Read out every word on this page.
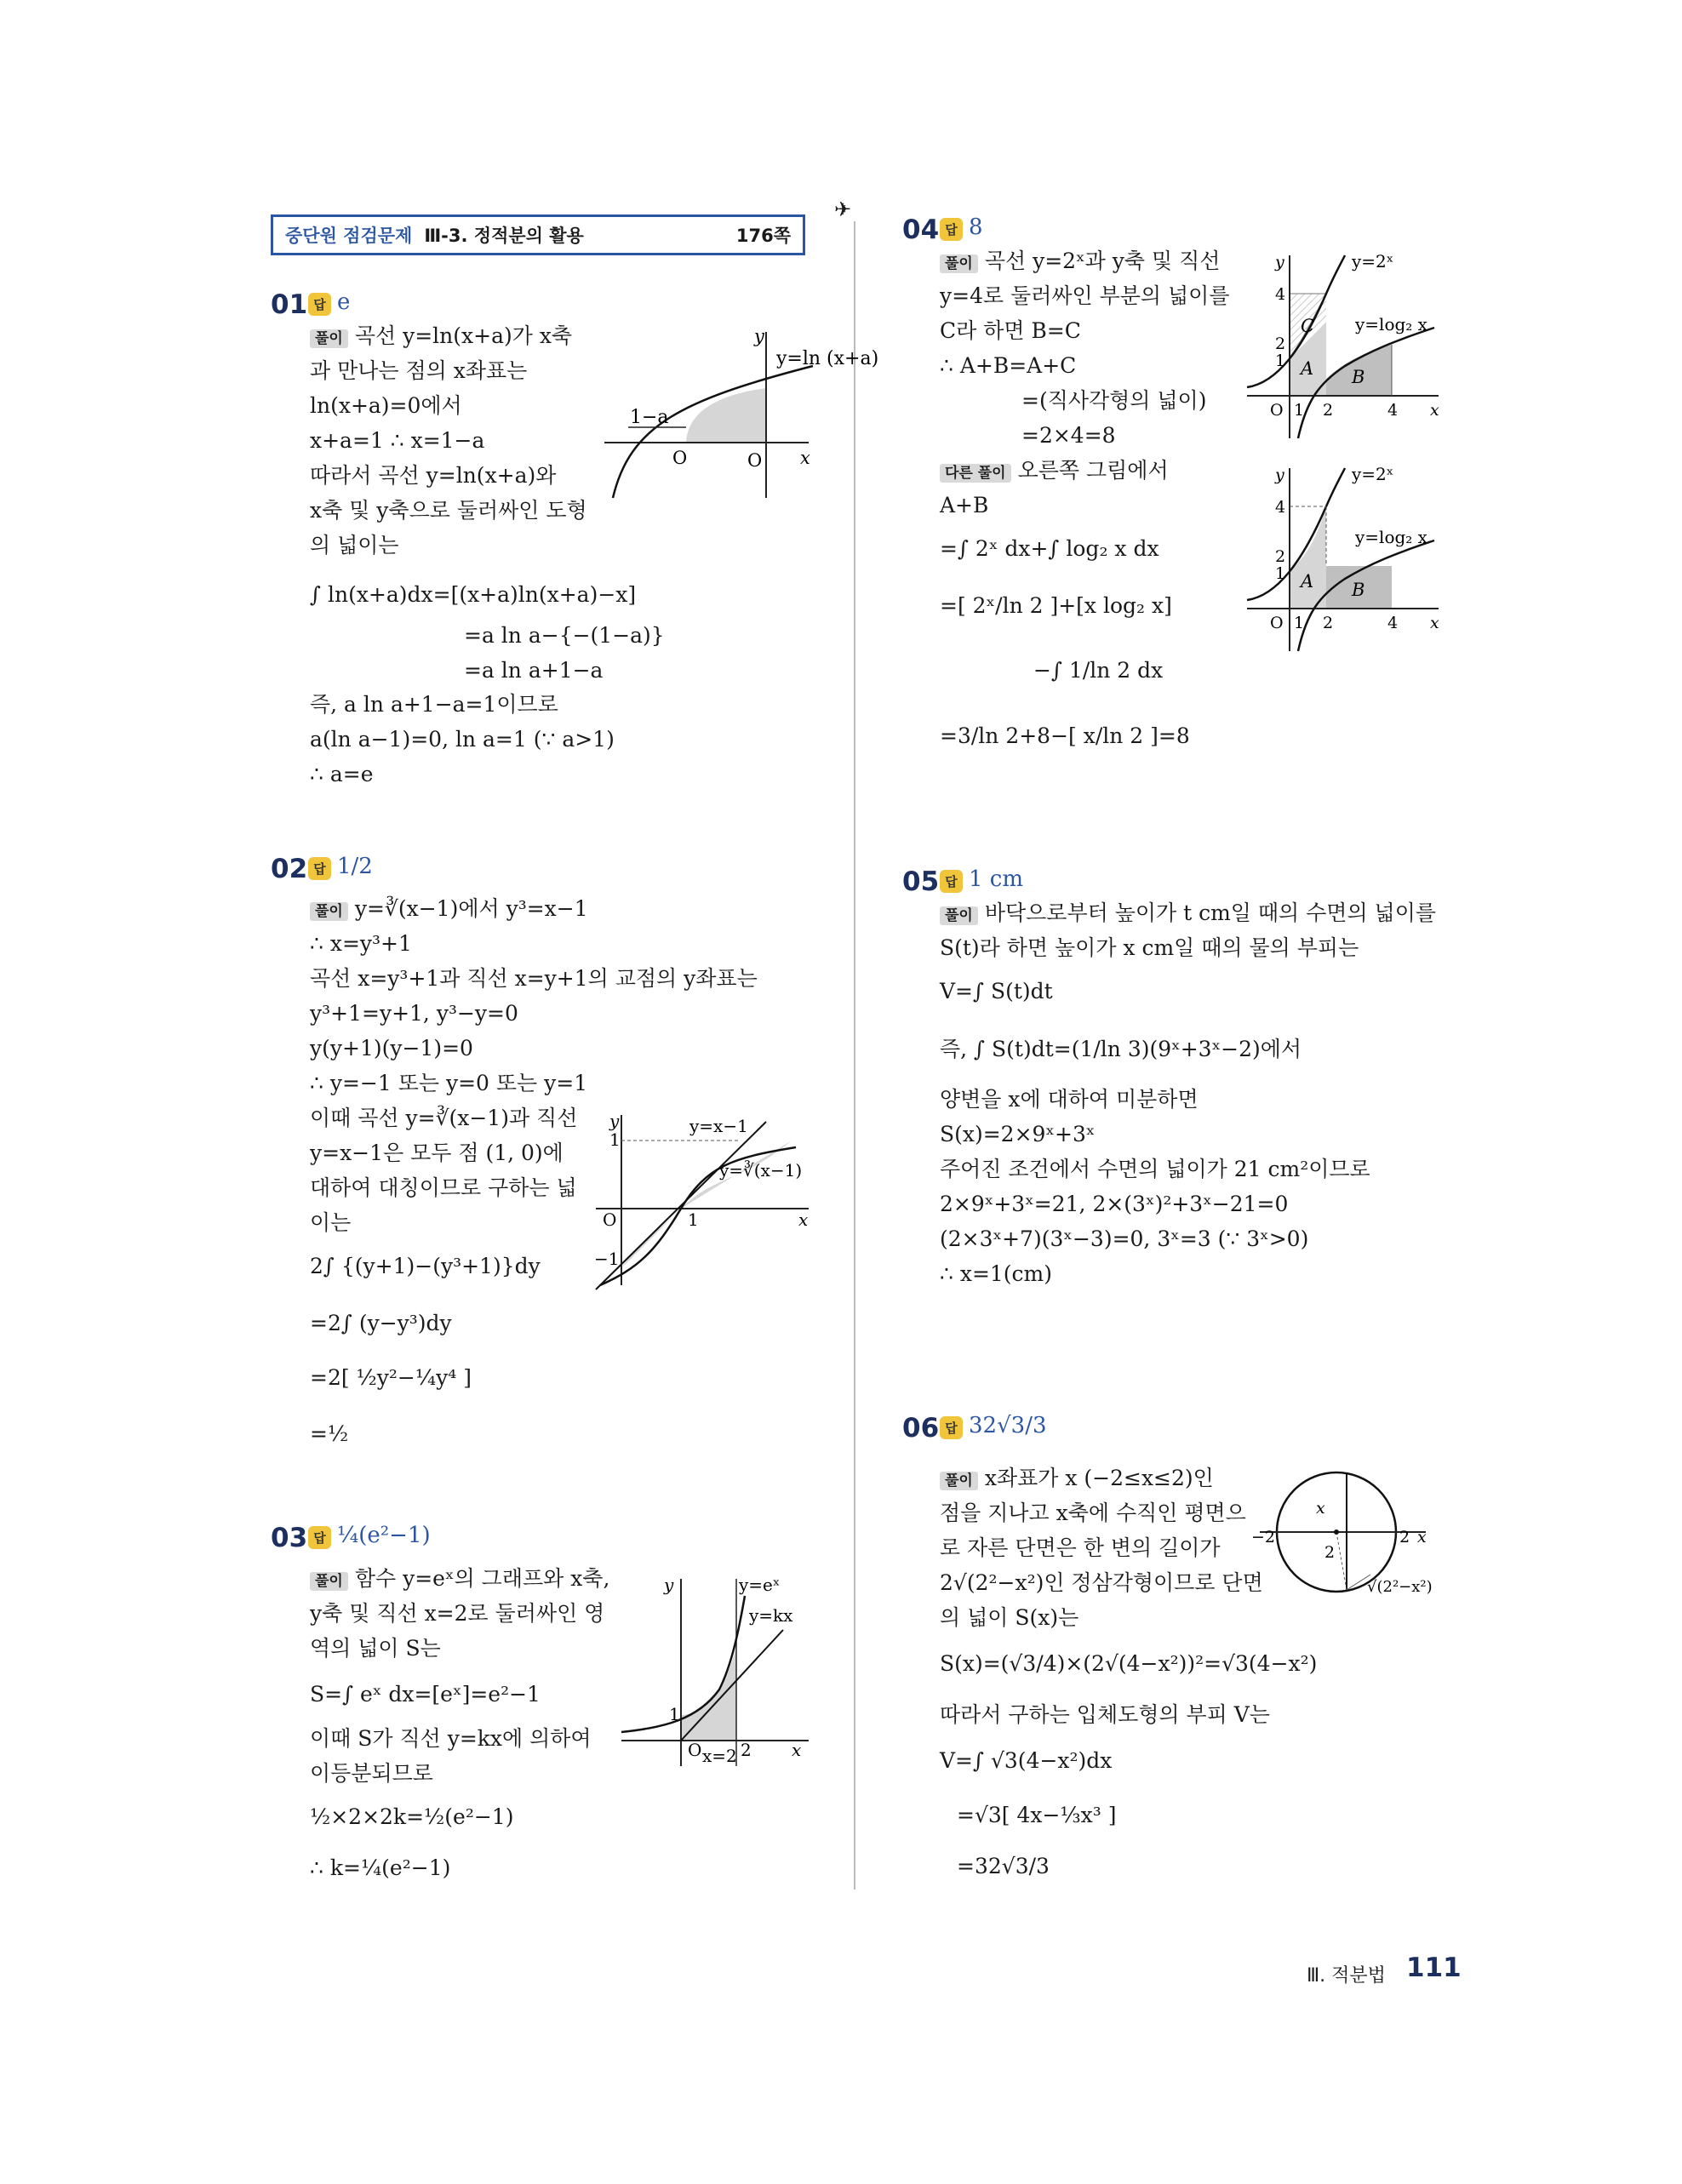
중단원 점검문제 Ⅲ-3. 정적분의 활용	176쪽
✈
01 답 e
풀이 곡선 y=ln(x+a)가 x축
과 만나는 점의 x좌표는
ln(x+a)=0에서
x+a=1 ∴ x=1−a
따라서 곡선 y=ln(x+a)와
x축 및 y축으로 둘러싸인 도형
의 넓이는
∫ ln(x+a)dx=[(x+a)ln(x+a)−x]
=a ln a−{−(1−a)}
=a ln a+1−a
즉, a ln a+1−a=1이므로
a(ln a−1)=0, ln a=1 (∵ a>1)
∴ a=e
y=ln (x+a)
1−a
O	O x
y
02 답 1/2
풀이 y=∛(x−1)에서 y³=x−1
∴ x=y³+1
곡선 x=y³+1과 직선 x=y+1의 교점의 y좌표는
y³+1=y+1, y³−y=0
y(y+1)(y−1)=0
∴ y=−1 또는 y=0 또는 y=1
이때 곡선 y=∛(x−1)과 직선
y=x−1은 모두 점 (1, 0)에
대하여 대칭이므로 구하는 넓
이는
2∫ {(y+1)−(y³+1)}dy
=2∫ (y−y³)dy
=2[ ½y²−¼y⁴ ]
=½
y=x−1
y=∛(x−1)
1
1
−1
O	x
y
03 답 ¼(e²−1)
풀이 함수 y=eˣ의 그래프와 x축,
y축 및 직선 x=2로 둘러싸인 영
역의 넓이 S는
S=∫ eˣ dx=[eˣ]=e²−1
이때 S가 직선 y=kx에 의하여
이등분되므로
½×2×2k=½(e²−1)
∴ k=¼(e²−1)
y=eˣ
y=kx
x=2
1
2
O	x
y
04 답 8
풀이 곡선 y=2ˣ과 y축 및 직선
y=4로 둘러싸인 부분의 넓이를
C라 하면 B=C
∴ A+B=A+C
=(직사각형의 넓이)
=2×4=8
다른 풀이 오른쪽 그림에서
A+B
=∫ 2ˣ dx+∫ log₂ x dx
=[ 2ˣ/ln 2 ]+[x log₂ x]
−∫ 1/ln 2 dx
=3/ln 2+8−[ x/ln 2 ]=8
y=2ˣ
y=log₂ x
C
A B
1 2	4
4
2
1
O	x
y
y=2ˣ
y=log₂ x
A B
1 2	4
4
2
1
O	x
y
05 답 1 cm
풀이 바닥으로부터 높이가 t cm일 때의 수면의 넓이를
S(t)라 하면 높이가 x cm일 때의 물의 부피는
V=∫ S(t)dt
즉, ∫ S(t)dt=(1/ln 3)(9ˣ+3ˣ−2)에서
양변을 x에 대하여 미분하면
S(x)=2×9ˣ+3ˣ
주어진 조건에서 수면의 넓이가 21 cm²이므로
2×9ˣ+3ˣ=21, 2×(3ˣ)²+3ˣ−21=0
(2×3ˣ+7)(3ˣ−3)=0, 3ˣ=3 (∵ 3ˣ>0)
∴ x=1(cm)
06 답 32√3/3
풀이 x좌표가 x (−2≤x≤2)인
점을 지나고 x축에 수직인 평면으
로 자른 단면은 한 변의 길이가
2√(2²−x²)인 정삼각형이므로 단면
의 넓이 S(x)는
S(x)=(√3/4)×(2√(4−x²))²=√3(4−x²)
따라서 구하는 입체도형의 부피 V는
V=∫ √3(4−x²)dx
=√3[ 4x−⅓x³ ]
=32√3/3
−2	2
2
x
x
√(2²−x²)
Ⅲ. 적분법 111
